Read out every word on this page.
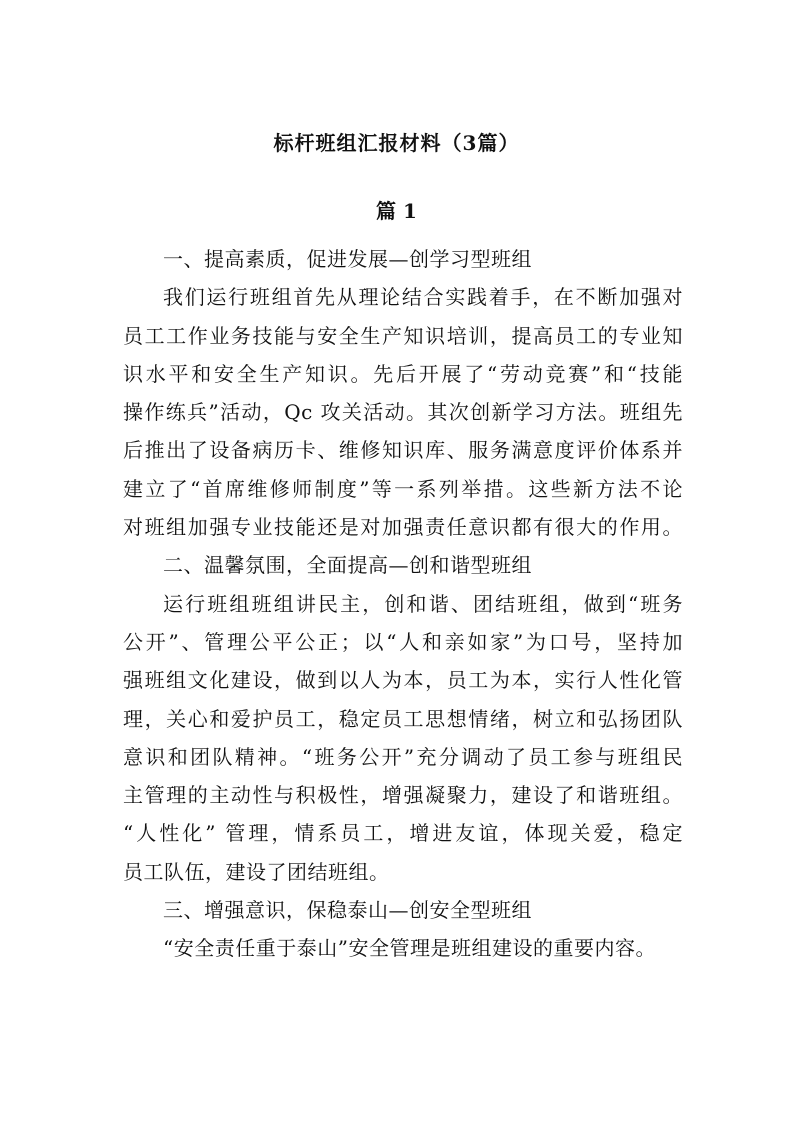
标杆班组汇报材料（3篇）
篇 1
一、提高素质，促进发展—创学习型班组
我们运行班组首先从理论结合实践着手，在不断加强对
员工工作业务技能与安全生产知识培训，提高员工的专业知
识水平和安全生产知识。先后开展了“劳动竞赛”和“技能
操作练兵”活动，Qc 攻关活动。其次创新学习方法。班组先
后推出了设备病历卡、维修知识库、服务满意度评价体系并
建立了“首席维修师制度”等一系列举措。这些新方法不论
对班组加强专业技能还是对加强责任意识都有很大的作用。
二、温馨氛围，全面提高—创和谐型班组
运行班组班组讲民主，创和谐、团结班组，做到“班务
公开”、管理公平公正；以“人和亲如家”为口号，坚持加
强班组文化建设，做到以人为本，员工为本，实行人性化管
理，关心和爱护员工，稳定员工思想情绪，树立和弘扬团队
意识和团队精神。“班务公开”充分调动了员工参与班组民
主管理的主动性与积极性，增强凝聚力，建设了和谐班组。
“人性化” 管理，情系员工，增进友谊，体现关爱，稳定
员工队伍，建设了团结班组。
三、增强意识，保稳泰山—创安全型班组
“安全责任重于泰山”安全管理是班组建设的重要内容。
